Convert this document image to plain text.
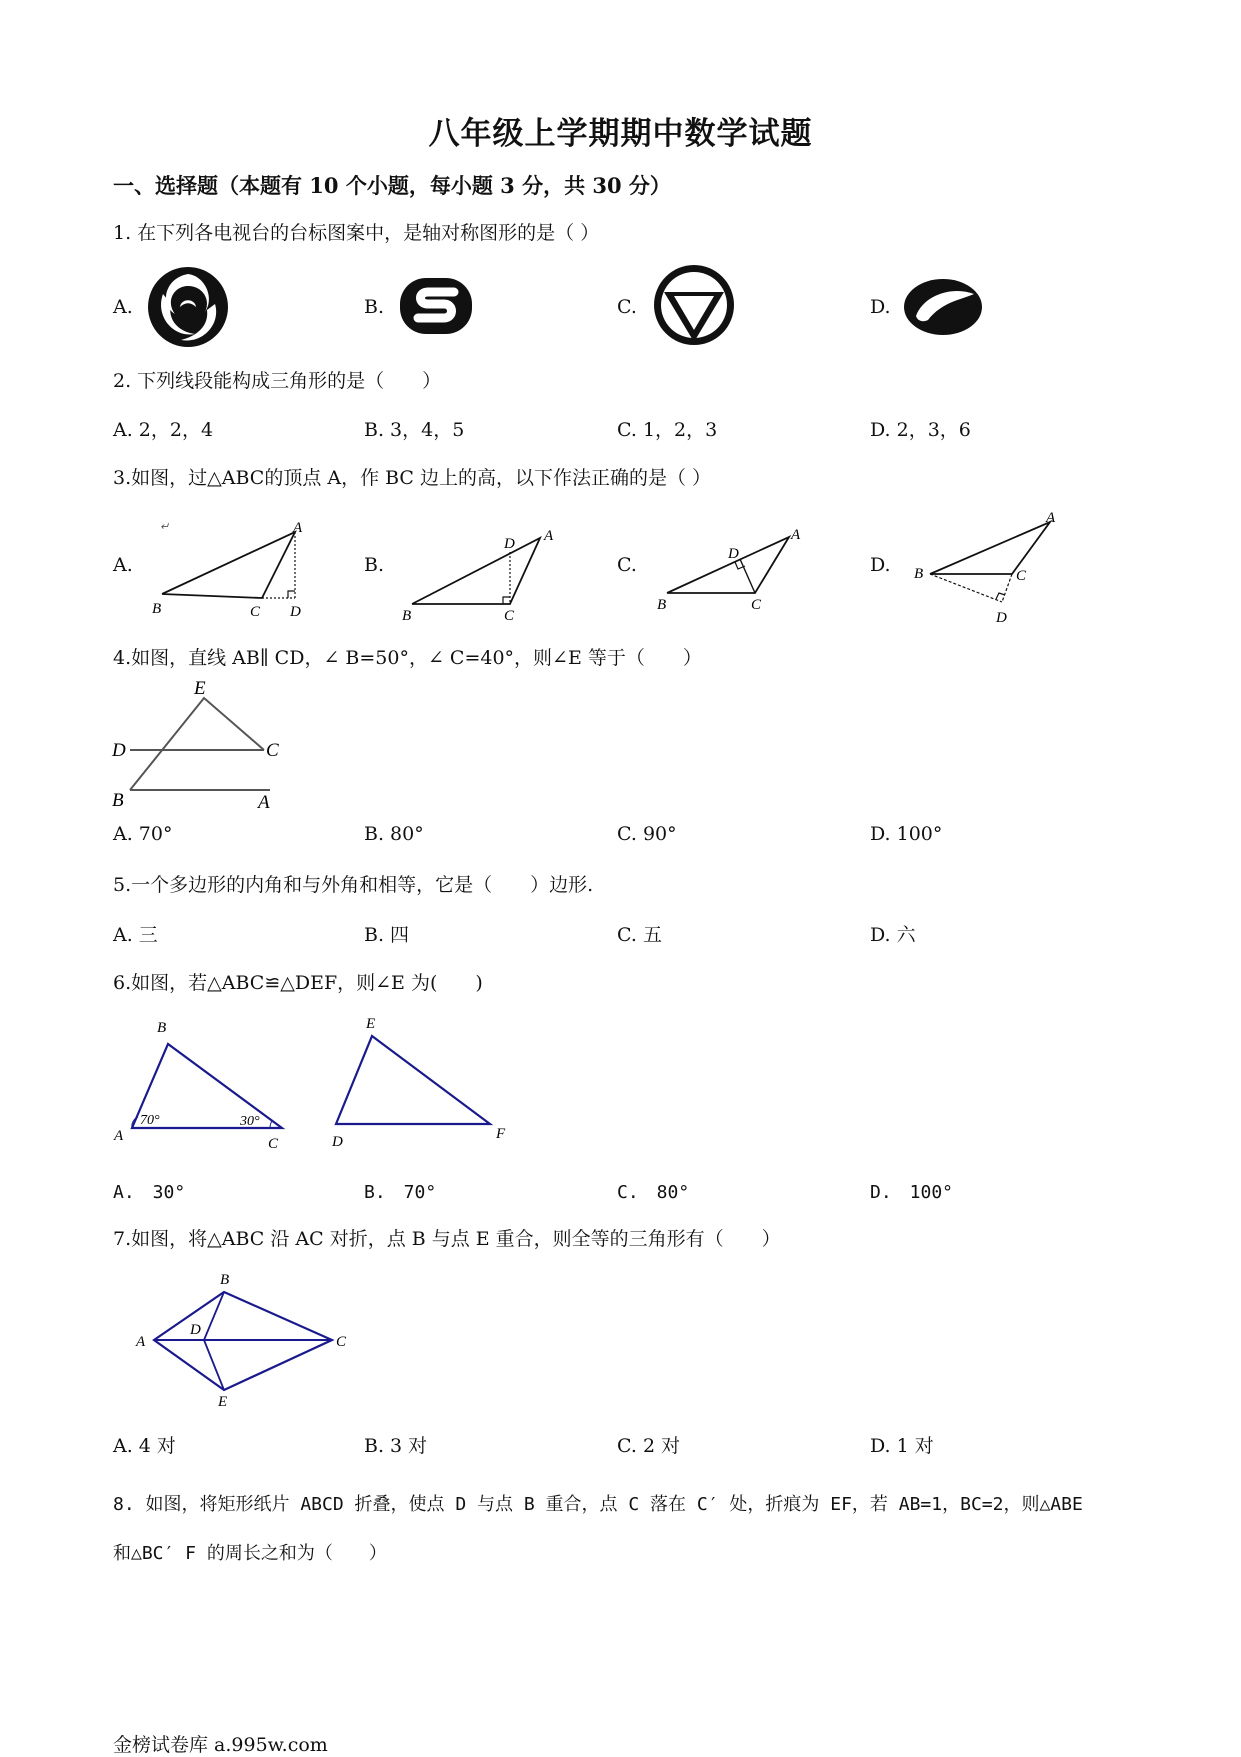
八年级上学期期中数学试题
一、选择题（本题有 10 个小题，每小题 3 分，共 30 分）
1. 在下列各电视台的台标图案中，是轴对称图形的是（ ）
A.	B.	C.	D.
2. 下列线段能构成三角形的是（　　）
A. 2，2，4	B. 3，4，5	C. 1，2，3	D. 2，3，6
3.如图，过△ABC的顶点 A，作 BC 边上的高，以下作法正确的是（ ）
A.	B.	C.	D.
↵	A
B	C D
A
D
B	C
A
D
B	C
A
B	C
D
4.如图，直线 AB∥ CD，∠ B=50°，∠ C=40°，则∠E 等于（　　）
E
D	C
B	A
A. 70°	B. 80°	C. 90°	D. 100°
5.一个多边形的内角和与外角和相等，它是（　　）边形.
A. 三	B. 四	C. 五	D. 六
6.如图，若△ABC≌△DEF，则∠E 为(　　)
B
A	C
70°	30°
E
D	F
A.　30°	B.　70°	C.　80°	D.　100°
7.如图，将△ABC 沿 AC 对折，点 B 与点 E 重合，则全等的三角形有（　　）
B
A
D
C
E
A. 4 对	B. 3 对	C. 2 对	D. 1 对
8. 如图，将矩形纸片 ABCD 折叠，使点 D 与点 B 重合，点 C 落在 C′ 处，折痕为 EF，若 AB=1，BC=2，则△ABE
和△BC′ F 的周长之和为（　　）
金榜试卷库 a.995w.com
